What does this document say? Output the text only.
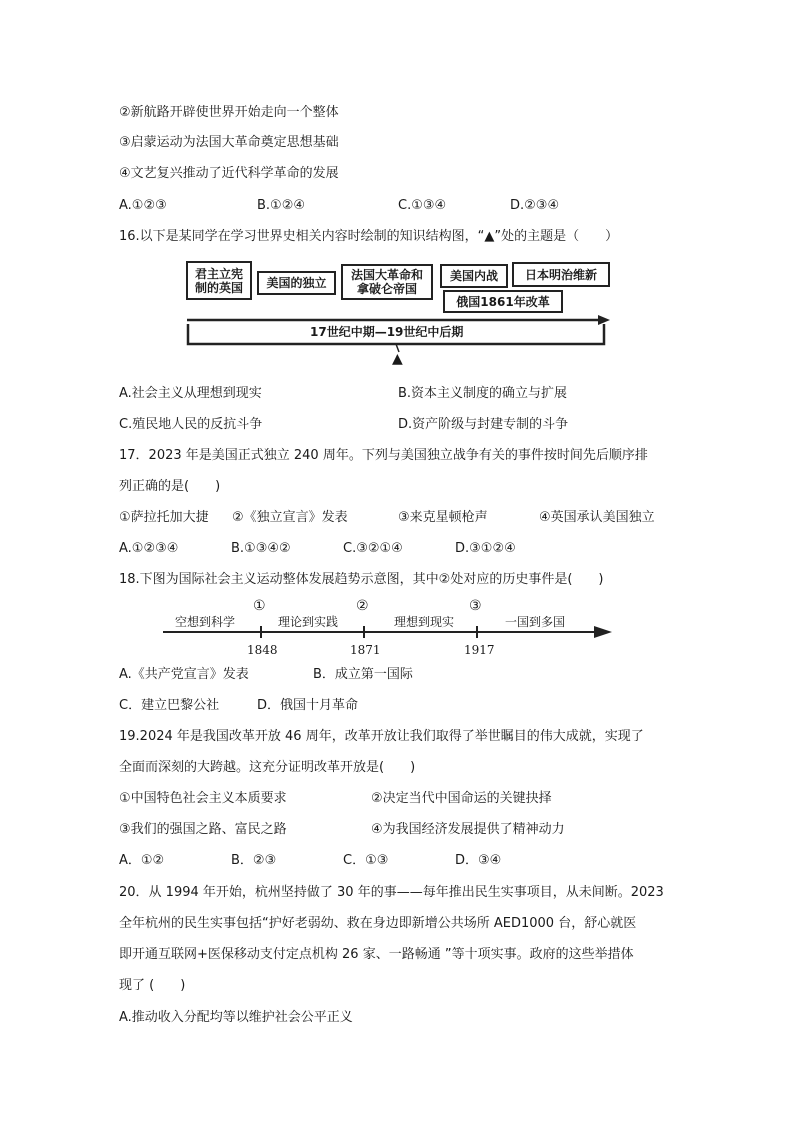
②新航路开辟使世界开始走向一个整体
③启蒙运动为法国大革命奠定思想基础
④文艺复兴推动了近代科学革命的发展
A.①②③	B.①②④	C.①③④	D.②③④
16.以下是某同学在学习世界史相关内容时绘制的知识结构图，“▲”处的主题是（　　）
君主立宪
制的英国	美国的独立
法国大革命和
拿破仑帝国
美国内战	日本明治维新
俄国1861年改革
17世纪中期—19世纪中后期
▲
A.社会主义从理想到现实	B.资本主义制度的确立与扩展
C.殖民地人民的反抗斗争	D.资产阶级与封建专制的斗争
17．2023 年是美国正式独立 240 周年。下列与美国独立战争有关的事件按时间先后顺序排
列正确的是(　　)
①萨拉托加大捷 ②《独立宣言》发表	③来克星顿枪声	④英国承认美国独立
A.①②③④	B.①③④②	C.③②①④	D.③①②④
18.下图为国际社会主义运动整体发展趋势示意图，其中②处对应的历史事件是(　　)
①	②	③
空想到科学	理论到实践	理想到现实	一国到多国
1848	1871	1917
A.《共产党宣言》发表	B．成立第一国际
C．建立巴黎公社	D．俄国十月革命
19.2024 年是我国改革开放 46 周年，改革开放让我们取得了举世瞩目的伟大成就，实现了
全面而深刻的大跨越。这充分证明改革开放是(　　)
①中国特色社会主义本质要求	②决定当代中国命运的关键抉择
③我们的强国之路、富民之路	④为我国经济发展提供了精神动力
A．①②	B．②③	C．①③	D．③④
20．从 1994 年开始，杭州坚持做了 30 年的事——每年推出民生实事项目，从未间断。2023
全年杭州的民生实事包括“护好老弱幼、救在身边即新增公共场所 AED1000 台，舒心就医
即开通互联网+医保移动支付定点机构 26 家、一路畅通 ”等十项实事。政府的这些举措体
现了 (　　)
A.推动收入分配均等以维护社会公平正义
